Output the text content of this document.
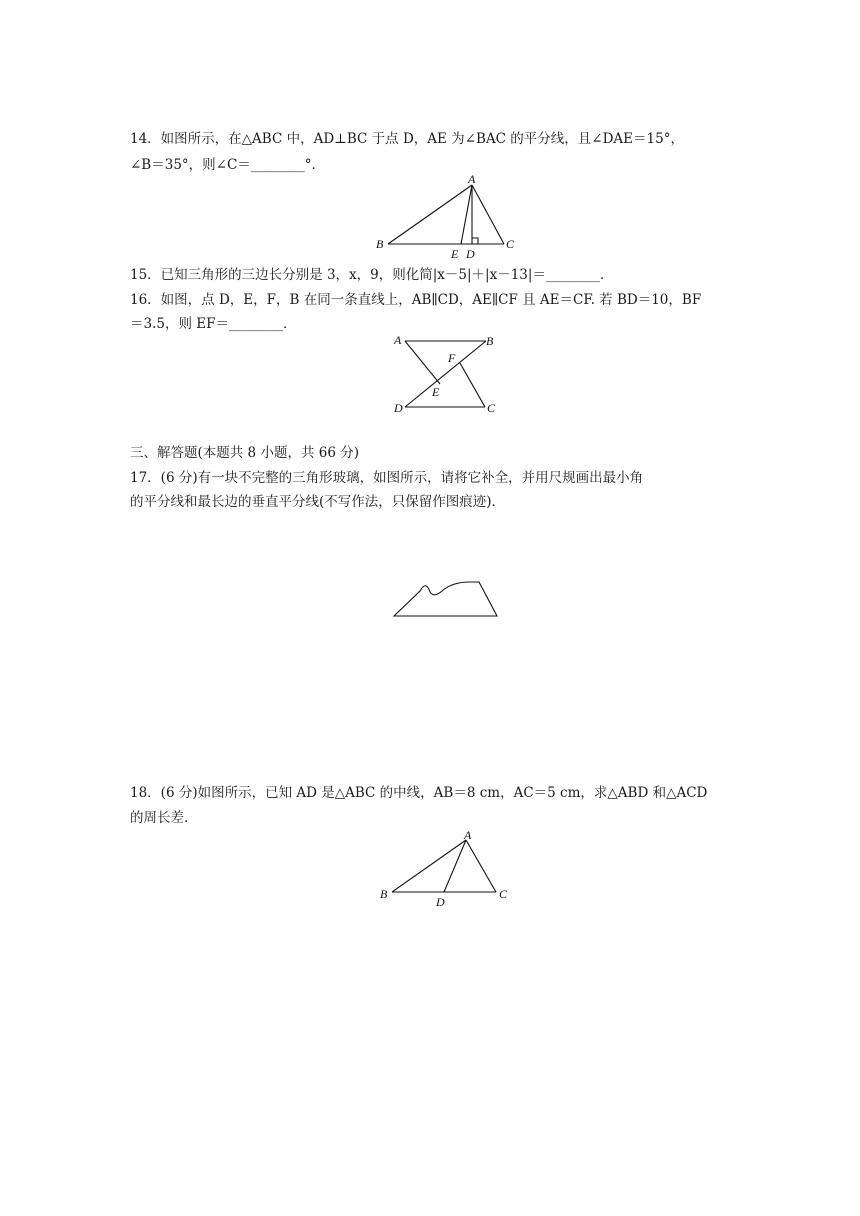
14．如图所示，在△ABC 中，AD⊥BC 于点 D，AE 为∠BAC 的平分线，且∠DAE＝15°，

∠B＝35°，则∠C＝________°．

A
B	C
E D

15．已知三角形的三边长分别是 3，x，9，则化简|x－5|＋|x－13|＝________．

16．如图，点 D，E，F，B 在同一条直线上，AB∥CD，AE∥CF 且 AE＝CF. 若 BD＝10，BF

＝3.5，则 EF＝________．

A	B
F
E
D	C

三、解答题(本题共 8 小题，共 66 分)

17．(6 分)有一块不完整的三角形玻璃，如图所示，请将它补全，并用尺规画出最小角

的平分线和最长边的垂直平分线(不写作法，只保留作图痕迹)．

18．(6 分)如图所示，已知 AD 是△ABC 的中线，AB＝8 cm，AC＝5 cm，求△ABD 和△ACD

的周长差.

A
B	C
D
